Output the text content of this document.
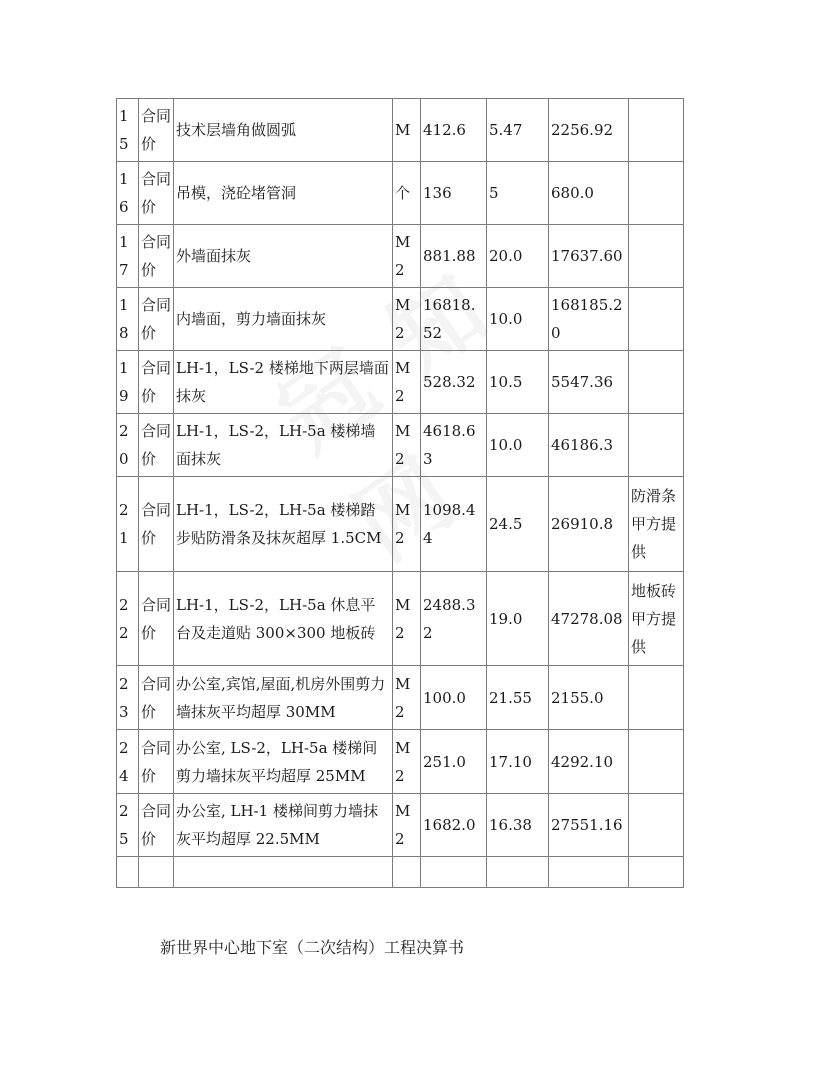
15	合同价	技术层墙角做圆弧	M	412.6	5.47	2256.92	
16	合同价	吊模，浇砼堵管洞	个	136	5	680.0	
17	合同价	外墙面抹灰	M2	881.88	20.0	17637.60	
18	合同价	内墙面，剪力墙面抹灰	M2	16818.52	10.0	168185.20	
19	合同价	LH-1，LS-2 楼梯地下两层墙面抹灰	M2	528.32	10.5	5547.36	
20	合同价	LH-1，LS-2，LH-5a 楼梯墙面抹灰	M2	4618.63	10.0	46186.3	
21	合同价	LH-1，LS-2，LH-5a 楼梯踏步贴防滑条及抹灰超厚 1.5CM	M2	1098.44	24.5	26910.8	防滑条甲方提供
22	合同价	LH-1，LS-2，LH-5a 休息平台及走道贴 300×300 地板砖	M2	2488.32	19.0	47278.08	地板砖甲方提供
23	合同价	办公室,宾馆,屋面,机房外围剪力墙抹灰平均超厚 30MM	M2	100.0	21.55	2155.0	
24	合同价	办公室, LS-2，LH-5a 楼梯间剪力墙抹灰平均超厚 25MM	M2	251.0	17.10	4292.10	
25	合同价	办公室, LH-1 楼梯间剪力墙抹灰平均超厚 22.5MM	M2	1682.0	16.38	27551.16	

新世界中心地下室（二次结构）工程决算书
